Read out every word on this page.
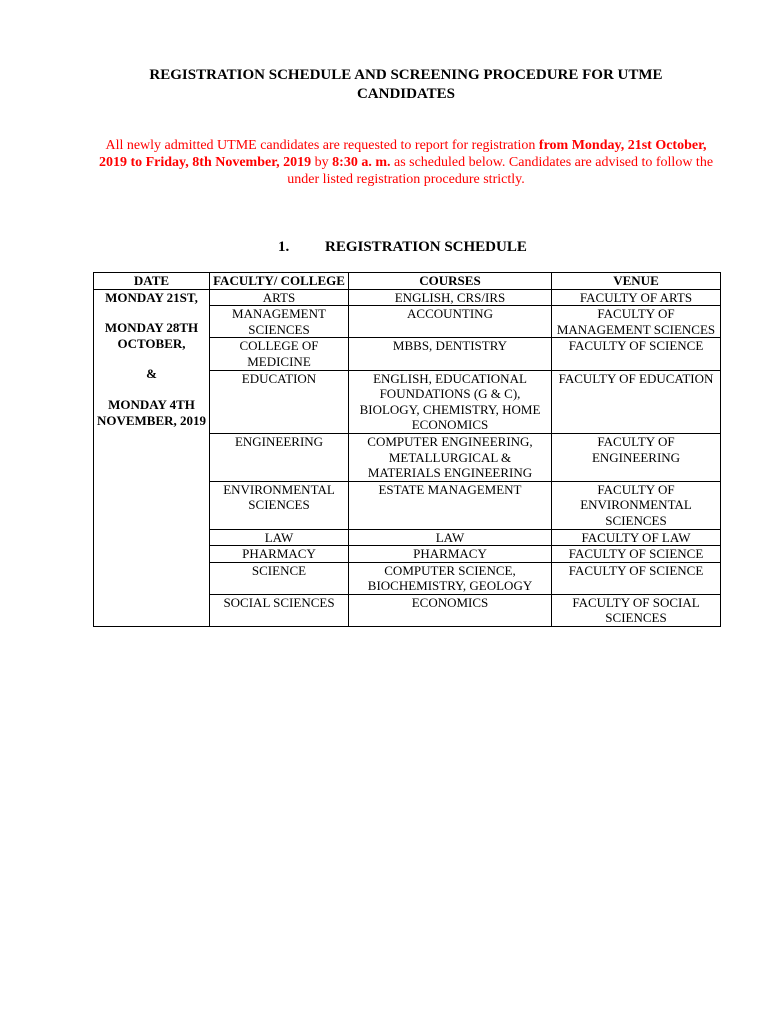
REGISTRATION SCHEDULE AND SCREENING PROCEDURE FOR UTME
CANDIDATES
All newly admitted UTME candidates are requested to report for registration from Monday, 21st October, 2019 to Friday, 8th November, 2019 by 8:30 a. m. as scheduled below. Candidates are advised to follow the under listed registration procedure strictly.
1. REGISTRATION SCHEDULE
DATE	FACULTY/ COLLEGE	COURSES	VENUE

MONDAY 21ST,
MONDAY 28TH OCTOBER,
&
MONDAY 4TH NOVEMBER, 2019	ARTS	ENGLISH, CRS/IRS	FACULTY OF ARTS
	MANAGEMENT SCIENCES	ACCOUNTING	FACULTY OF MANAGEMENT SCIENCES
	COLLEGE OF MEDICINE	MBBS, DENTISTRY	FACULTY OF SCIENCE
	EDUCATION	ENGLISH, EDUCATIONAL FOUNDATIONS (G & C), BIOLOGY, CHEMISTRY, HOME ECONOMICS	FACULTY OF EDUCATION
	ENGINEERING	COMPUTER ENGINEERING, METALLURGICAL & MATERIALS ENGINEERING	FACULTY OF ENGINEERING
	ENVIRONMENTAL SCIENCES	ESTATE MANAGEMENT	FACULTY OF ENVIRONMENTAL SCIENCES
	LAW	LAW	FACULTY OF LAW
	PHARMACY	PHARMACY	FACULTY OF SCIENCE
	SCIENCE	COMPUTER SCIENCE, BIOCHEMISTRY, GEOLOGY	FACULTY OF SCIENCE
	SOCIAL SCIENCES	ECONOMICS	FACULTY OF SOCIAL SCIENCES
